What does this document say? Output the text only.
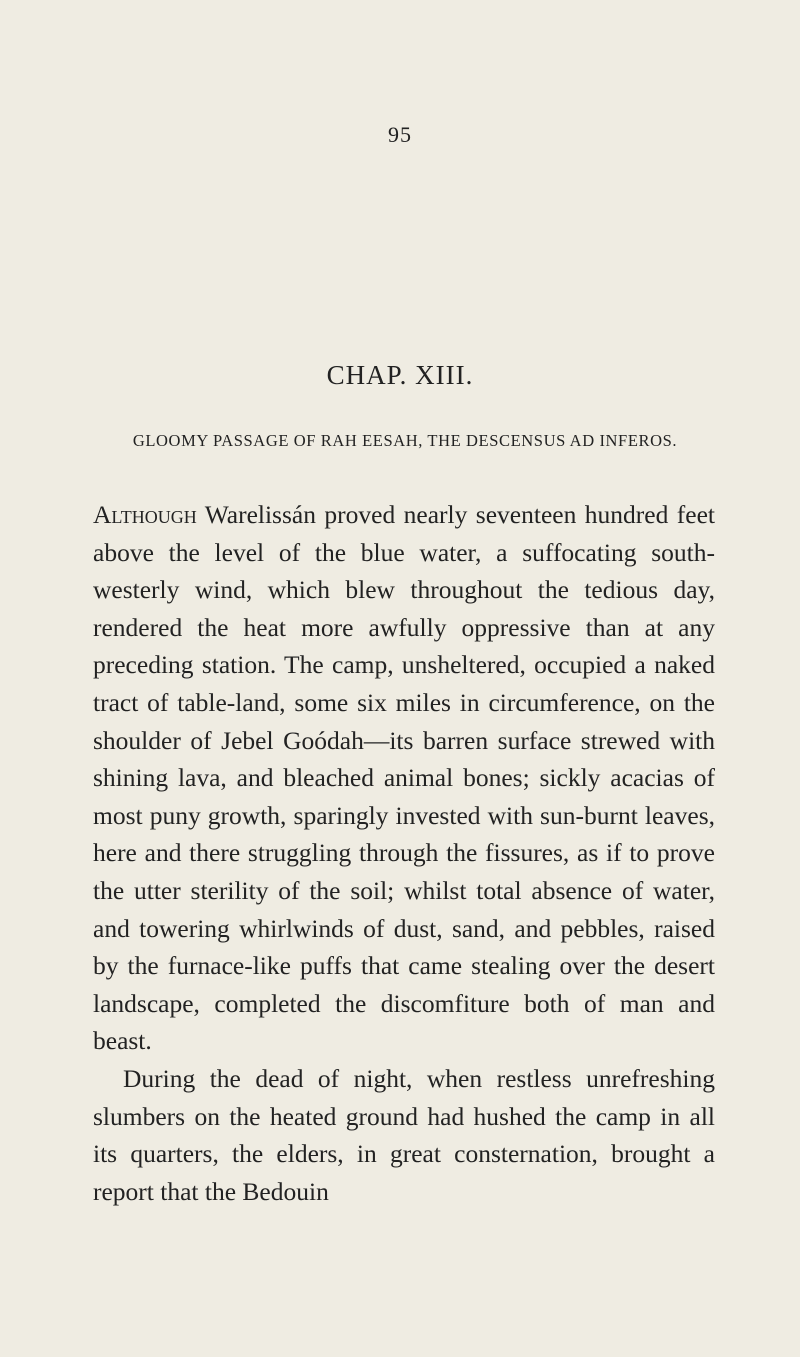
95
CHAP. XIII.
GLOOMY PASSAGE OF RAH EESAH, THE DESCENSUS AD INFEROS.

Although Warelissán proved nearly seventeen hundred feet above the level of the blue water, a suffocating south-westerly wind, which blew throughout the tedious day, rendered the heat more awfully oppressive than at any preceding station. The camp, unsheltered, occupied a naked tract of table-land, some six miles in circumference, on the shoulder of Jebel Goódah—its barren surface strewed with shining lava, and bleached animal bones; sickly acacias of most puny growth, sparingly invested with sun-burnt leaves, here and there struggling through the fissures, as if to prove the utter sterility of the soil; whilst total absence of water, and towering whirlwinds of dust, sand, and pebbles, raised by the furnace-like puffs that came stealing over the desert landscape, completed the discomfiture both of man and beast.

During the dead of night, when restless unrefreshing slumbers on the heated ground had hushed the camp in all its quarters, the elders, in great consternation, brought a report that the Bedouin
